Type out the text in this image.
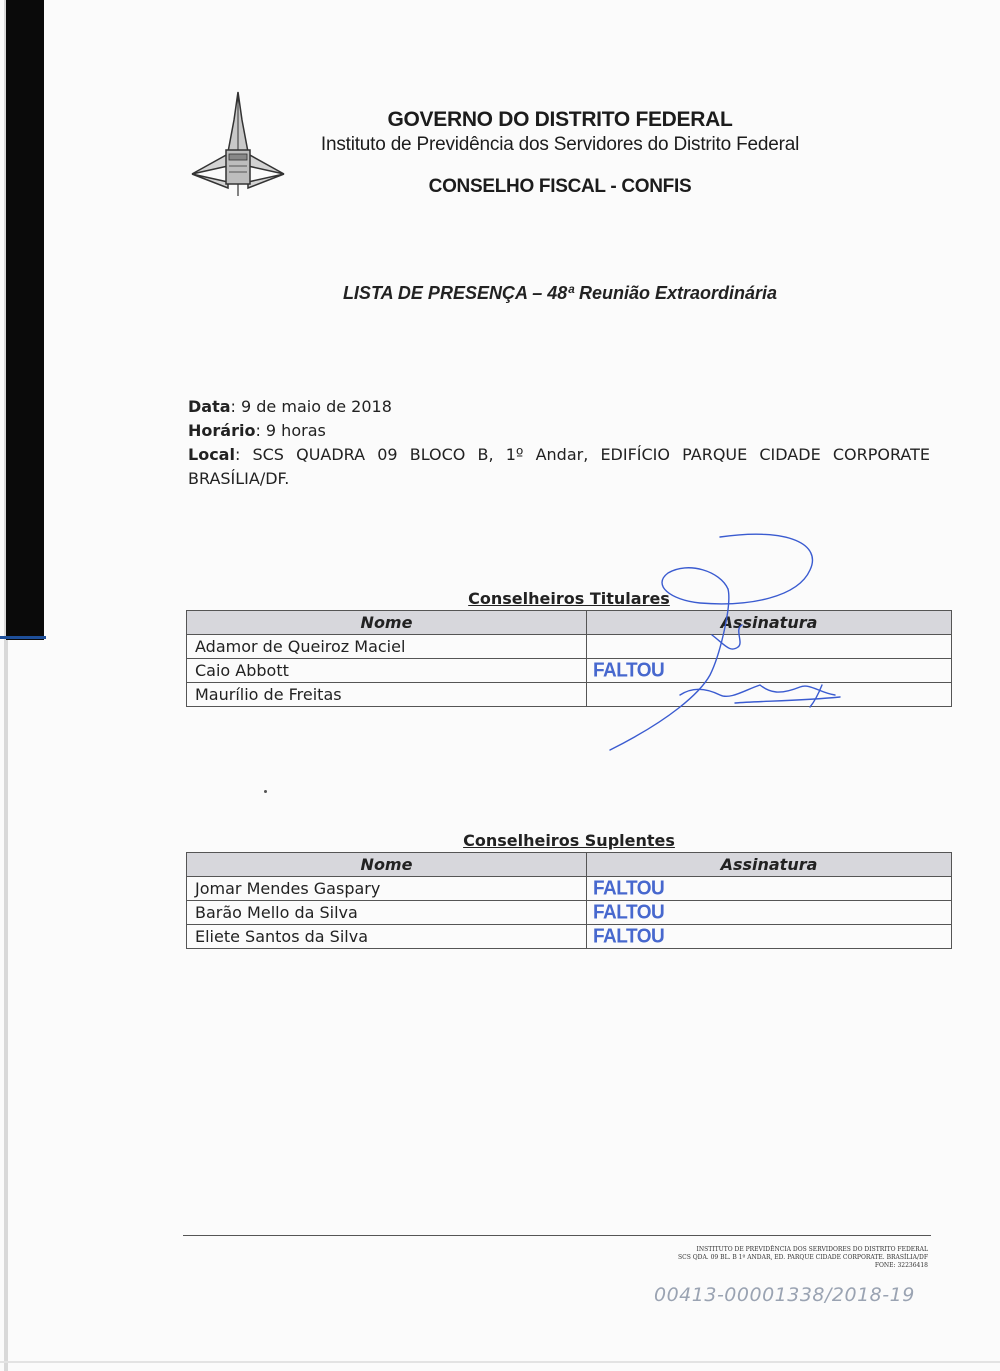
GOVERNO DO DISTRITO FEDERAL
Instituto de Previdência dos Servidores do Distrito Federal
CONSELHO FISCAL - CONFIS
LISTA DE PRESENÇA – 48ª Reunião Extraordinária
Data: 9 de maio de 2018
Horário: 9 horas
Local: SCS QUADRA 09 BLOCO B, 1º Andar, EDIFÍCIO PARQUE CIDADE CORPORATE BRASÍLIA/DF.
Conselheiros Titulares
Nome	Assinatura
Adamor de Queiroz Maciel	
Caio Abbott	FALTOU
Maurílio de Freitas	
Conselheiros Suplentes
Nome	Assinatura
Jomar Mendes Gaspary	FALTOU
Barão Mello da Silva	FALTOU
Eliete Santos da Silva	FALTOU
INSTITUTO DE PREVIDÊNCIA DOS SERVIDORES DO DISTRITO FEDERAL
SCS QDA. 09 BL. B 1º ANDAR, ED. PARQUE CIDADE CORPORATE. BRASÍLIA/DF
FONE: 32236418
00413-00001338/2018-19
